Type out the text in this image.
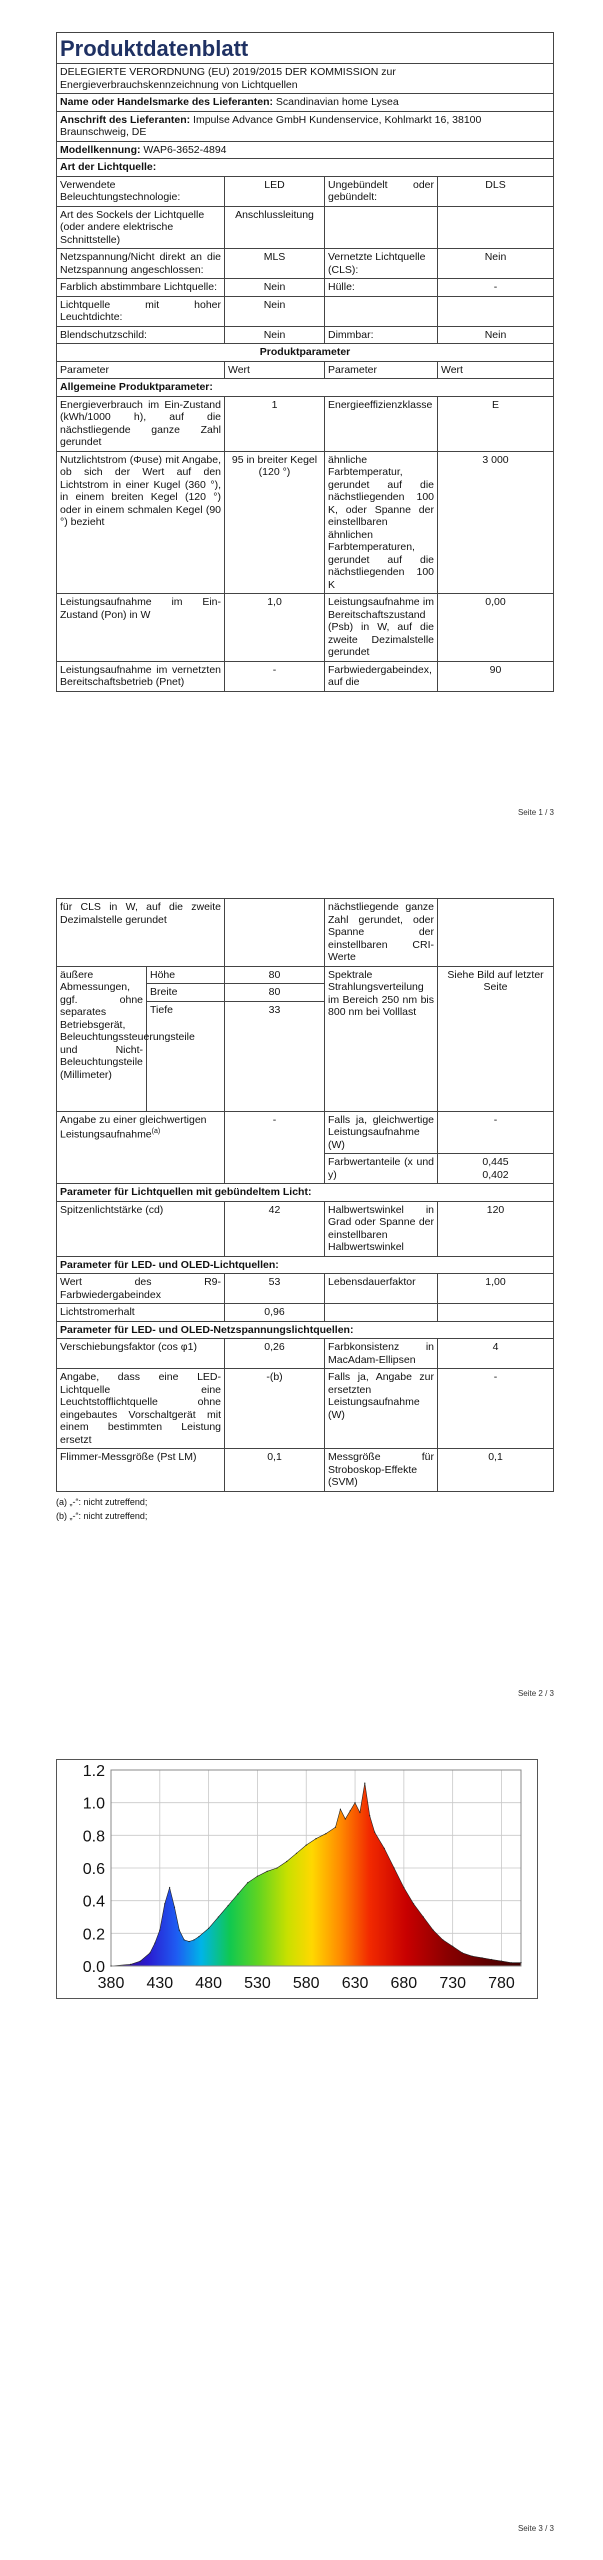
Produktdatenblatt			
DELEGIERTE VERORDNUNG (EU) 2019/2015 DER KOMMISSION zur Energieverbrauchskennzeichnung von Lichtquellen			
Name oder Handelsmarke des Lieferanten: Scandinavian home Lysea			
Anschrift des Lieferanten: Impulse Advance GmbH Kundenservice, Kohlmarkt 16, 38100 Braunschweig, DE			
Modellkennung: WAP6-3652-4894			
Art der Lichtquelle:			
Verwendete Beleuchtungstechnologie:	LED	Ungebündelt oder gebündelt:	DLS
Art des Sockels der Lichtquelle (oder andere elektrische Schnittstelle)	Anschlussleitung		
Netzspannung/Nicht direkt an die Netzspannung angeschlossen:	MLS	Vernetzte Lichtquelle (CLS):	Nein
Farblich abstimmbare Lichtquelle:	Nein	Hülle:	-
Lichtquelle mit hoher Leuchtdichte:	Nein		
Blendschutzschild:	Nein	Dimmbar:	Nein
Produktparameter			
Parameter	Wert	Parameter	Wert
Allgemeine Produktparameter:			
Energieverbrauch im Ein-Zustand (kWh/1000 h), auf die nächstliegende ganze Zahl gerundet	1	Energieeffizienzklasse	E
Nutzlichtstrom (Φuse) mit Angabe, ob sich der Wert auf den Lichtstrom in einer Kugel (360 °), in einem breiten Kegel (120 °) oder in einem schmalen Kegel (90 °) bezieht	95 in breiter Kegel (120 °)	ähnliche Farbtemperatur, gerundet auf die nächstliegenden 100 K, oder Spanne der einstellbaren ähnlichen Farbtemperaturen, gerundet auf die nächstliegenden 100 K	3 000
Leistungsaufnahme im Ein-Zustand (Pon) in W	1,0	Leistungsaufnahme im Bereitschaftszustand (Psb) in W, auf die zweite Dezimalstelle gerundet	0,00
Leistungsaufnahme im vernetzten Bereitschaftsbetrieb (Pnet)	-	Farbwiedergabeindex, auf die	90
Seite 1 / 3
für CLS in W, auf die zweite Dezimalstelle gerundet			nächstliegende ganze Zahl gerundet, oder Spanne der einstellbaren CRI-Werte	
äußere Abmessungen, ggf. ohne separates Betriebsgerät, Beleuchtungssteuerungsteile und Nicht-Beleuchtungsteile (Millimeter)	Höhe	80	Spektrale Strahlungsverteilung im Bereich 250 nm bis 800 nm bei Volllast	Siehe Bild auf letzter Seite
	Breite	80		
	Tiefe	33		
Angabe zu einer gleichwertigen Leistungsaufnahme$^{(a)}$		-	Falls ja, gleichwertige Leistungsaufnahme (W)	-
			Farbwertanteile (x und y)	0,445
0,402
Parameter für Lichtquellen mit gebündeltem Licht:				
Spitzenlichtstärke (cd)		42	Halbwertswinkel in Grad oder Spanne der einstellbaren Halbwertswinkel	120
Parameter für LED- und OLED-Lichtquellen:				
Wert des R9-Farbwiedergabeindex		53	Lebensdauerfaktor	1,00
Lichtstromerhalt		0,96		
Parameter für LED- und OLED-Netzspannungslichtquellen:				
Verschiebungsfaktor (cos φ1)		0,26	Farbkonsistenz in MacAdam-Ellipsen	4
Angabe, dass eine LED-Lichtquelle eine Leuchtstofflichtquelle ohne eingebautes Vorschaltgerät mit einem bestimmten Leistung ersetzt		-(b)	Falls ja, Angabe zur ersetzten Leistungsaufnahme (W)	-
Flimmer-Messgröße (Pst LM)		0,1	Messgröße für Stroboskop-Effekte (SVM)	0,1
(a) „-“: nicht zutreffend;
Seite 2 / 3
0.0
0.2
0.4
0.6
0.8
1.0
1.2
380 430 480 530 580 630 680 730 780
Seite 3 / 3
(b) „-“: nicht zutreffend;
